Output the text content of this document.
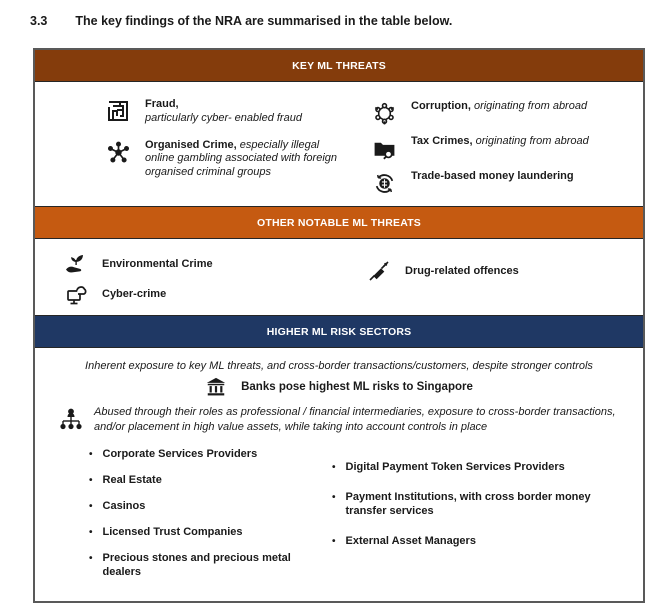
3.3 The key findings of the NRA are summarised in the table below.
KEY ML THREATS
Fraud,
particularly cyber- enabled fraud
Organised Crime, especially illegal online gambling associated with foreign organised criminal groups
Corruption, originating from abroad
Tax Crimes, originating from abroad
Trade-based money laundering
OTHER NOTABLE ML THREATS
Environmental Crime
Cyber-crime
Drug-related offences
HIGHER ML RISK SECTORS
Inherent exposure to key ML threats, and cross-border transactions/customers, despite stronger controls
Banks pose highest ML risks to Singapore
Abused through their roles as professional / financial intermediaries, exposure to cross-border transactions, and/or placement in high value assets, while taking into account controls in place
• Corporate Services Providers
• Real Estate
• Casinos
• Licensed Trust Companies
• Precious stones and precious metal dealers
• Digital Payment Token Services Providers
• Payment Institutions, with cross border money transfer services
• External Asset Managers
